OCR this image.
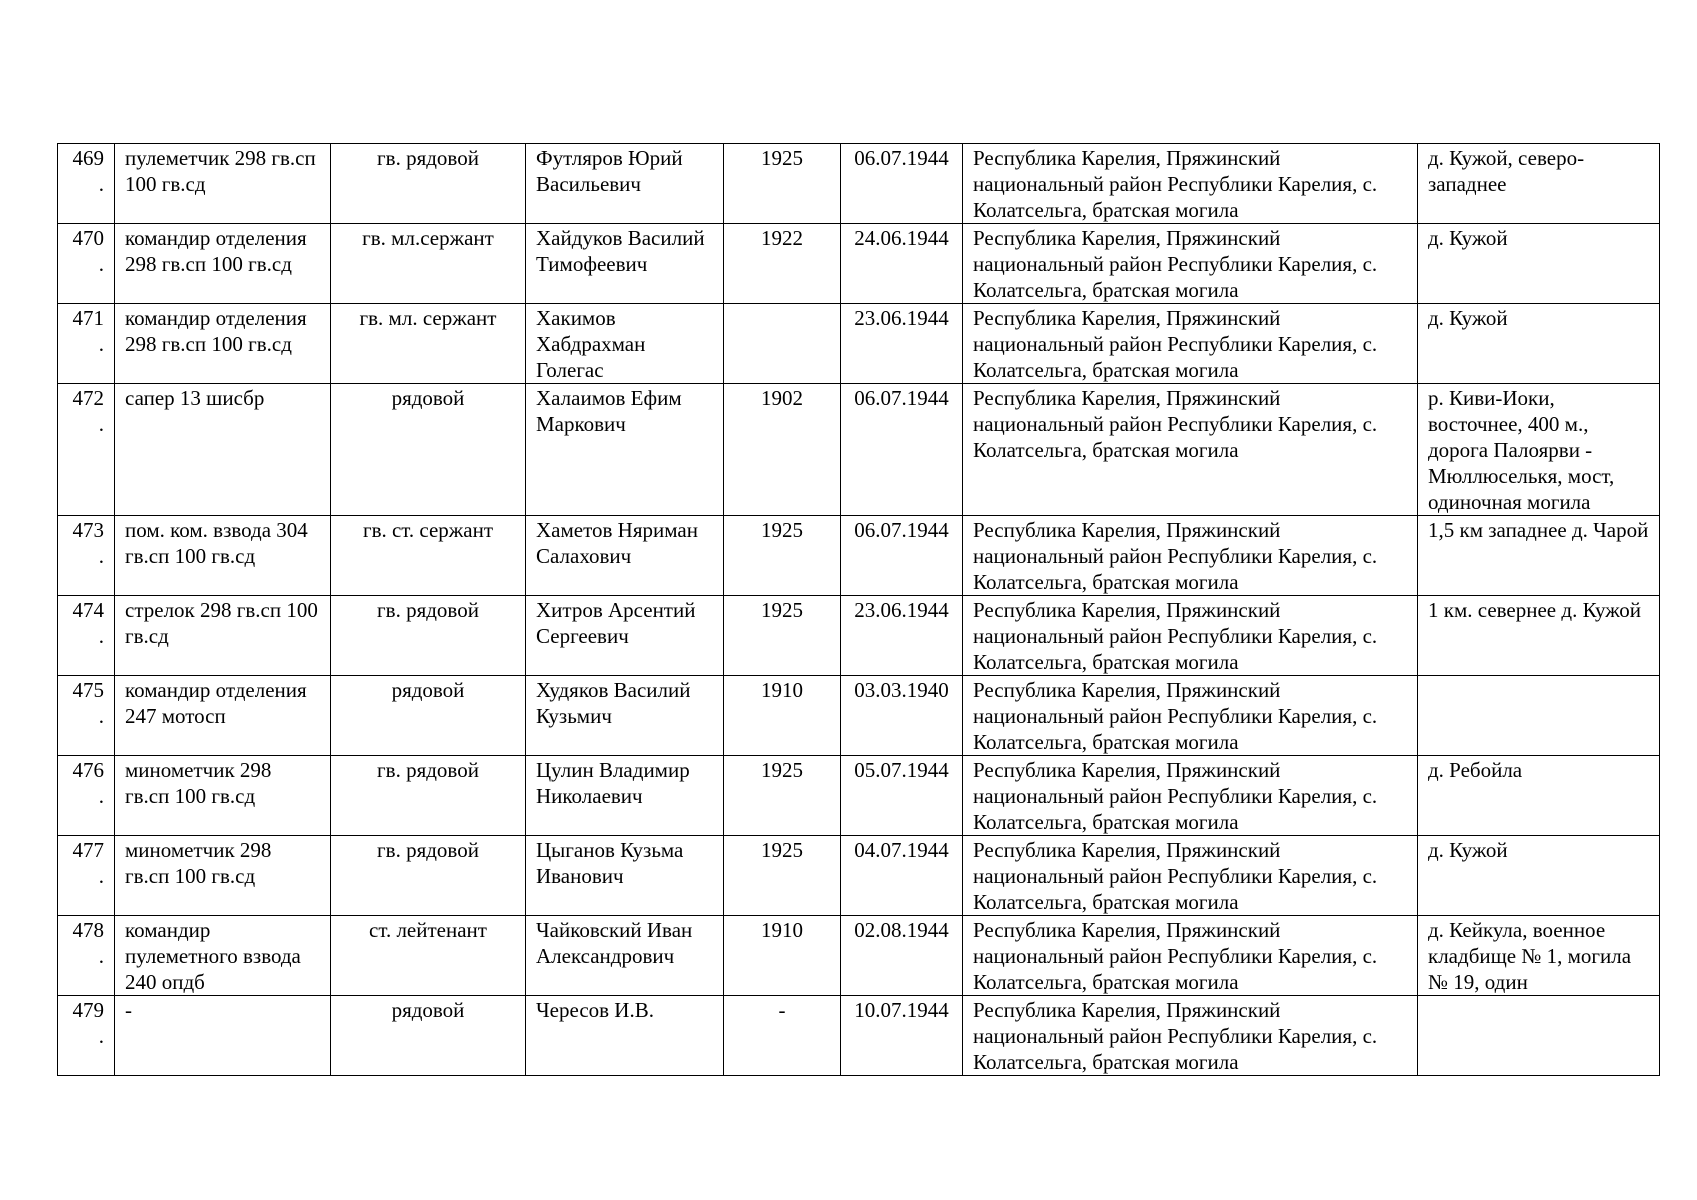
469.	пулеметчик 298 гв.сп 100 гв.сд	гв. рядовой	Футляров Юрий Васильевич	1925	06.07.1944	Республика Карелия, Пряжинский национальный район Республики Карелия, с. Колатсельга, братская могила	д. Кужой, северо-западнее
470.	командир отделения 298 гв.сп 100 гв.сд	гв. мл.сержант	Хайдуков Василий Тимофеевич	1922	24.06.1944	Республика Карелия, Пряжинский национальный район Республики Карелия, с. Колатсельга, братская могила	д. Кужой
471.	командир отделения 298 гв.сп 100 гв.сд	гв. мл. сержант	Хакимов Хабдрахман Голегас		23.06.1944	Республика Карелия, Пряжинский национальный район Республики Карелия, с. Колатсельга, братская могила	д. Кужой
472.	сапер 13 шисбр	рядовой	Халаимов Ефим Маркович	1902	06.07.1944	Республика Карелия, Пряжинский национальный район Республики Карелия, с. Колатсельга, братская могила	р. Киви-Иоки, восточнее, 400 м., дорога Палоярви - Мюллюселькя, мост, одиночная могила
473.	пом. ком. взвода 304 гв.сп 100 гв.сд	гв. ст. сержант	Хаметов Няриман Салахович	1925	06.07.1944	Республика Карелия, Пряжинский национальный район Республики Карелия, с. Колатсельга, братская могила	1,5 км западнее д. Чарой
474.	стрелок 298 гв.сп 100 гв.сд	гв. рядовой	Хитров Арсентий Сергеевич	1925	23.06.1944	Республика Карелия, Пряжинский национальный район Республики Карелия, с. Колатсельга, братская могила	1 км. севернее д. Кужой
475.	командир отделения 247 мотосп	рядовой	Худяков Василий Кузьмич	1910	03.03.1940	Республика Карелия, Пряжинский национальный район Республики Карелия, с. Колатсельга, братская могила	
476.	минометчик 298 гв.сп 100 гв.сд	гв. рядовой	Цулин Владимир Николаевич	1925	05.07.1944	Республика Карелия, Пряжинский национальный район Республики Карелия, с. Колатсельга, братская могила	д. Ребойла
477.	минометчик 298 гв.сп 100 гв.сд	гв. рядовой	Цыганов Кузьма Иванович	1925	04.07.1944	Республика Карелия, Пряжинский национальный район Республики Карелия, с. Колатсельга, братская могила	д. Кужой
478.	командир пулеметного взвода 240 опдб	ст. лейтенант	Чайковский Иван Александрович	1910	02.08.1944	Республика Карелия, Пряжинский национальный район Республики Карелия, с. Колатсельга, братская могила	д. Кейкула, военное кладбище № 1, могила № 19, один
479.	-	рядовой	Чересов И.В.	-	10.07.1944	Республика Карелия, Пряжинский национальный район Республики Карелия, с. Колатсельга, братская могила	
